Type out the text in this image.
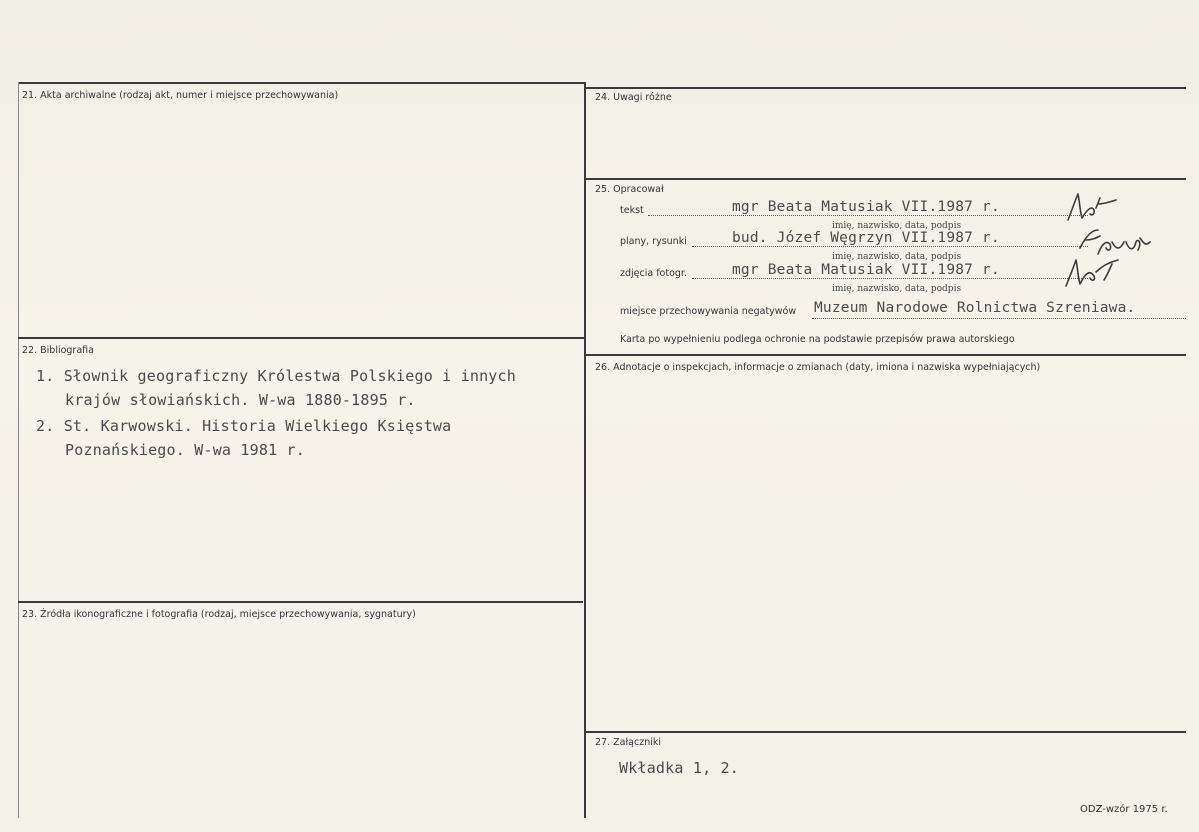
21. Akta archiwalne (rodzaj akt, numer i miejsce przechowywania)
22. Bibliografia
1. Słownik geograficzny Królestwa Polskiego i innych
krajów słowiańskich. W-wa 1880-1895 r.
2. St. Karwowski. Historia Wielkiego Księstwa
Poznańskiego. W-wa 1981 r.
23. Źródła ikonograficzne i fotografia (rodzaj, miejsce przechowywania, sygnatury)
24. Uwagi różne
25. Opracował
tekst	mgr Beata Matusiak VII.1987 r.
imię, nazwisko, data, podpis
plany, rysunki	bud. Józef Węgrzyn VII.1987 r.
imię, nazwisko, data, podpis
zdjęcia fotogr.	mgr Beata Matusiak VII.1987 r.
imię, nazwisko, data, podpis
miejsce przechowywania negatywów Muzeum Narodowe Rolnictwa Szreniawa.
Karta po wypełnieniu podlega ochronie na podstawie przepisów prawa autorskiego
26. Adnotacje o inspekcjach, informacje o zmianach (daty, imiona i nazwiska wypełniających)
27. Załączniki
Wkładka 1, 2.
ODZ-wzór 1975 r.
